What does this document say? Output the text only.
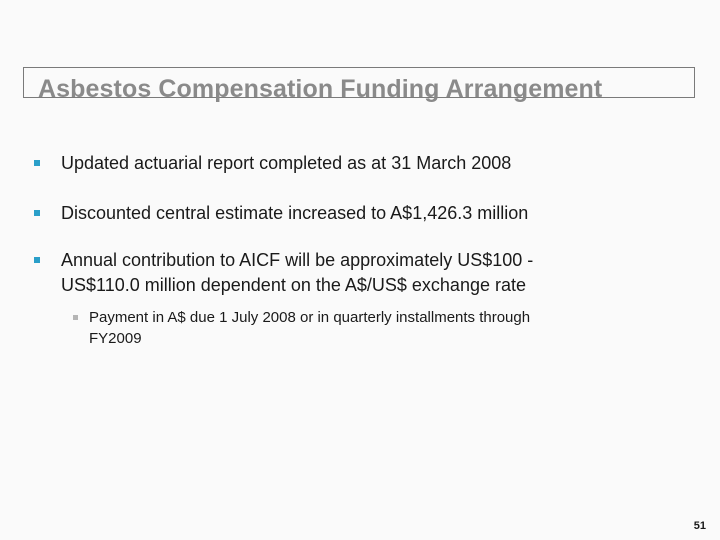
Asbestos Compensation Funding Arrangement
Updated actuarial report completed as at 31 March 2008
Discounted central estimate increased to A$1,426.3 million
Annual contribution to AICF will be approximately US$100 -
US$110.0 million dependent on the A$/US$ exchange rate
Payment in A$ due 1 July 2008 or in quarterly installments through
FY2009
51
